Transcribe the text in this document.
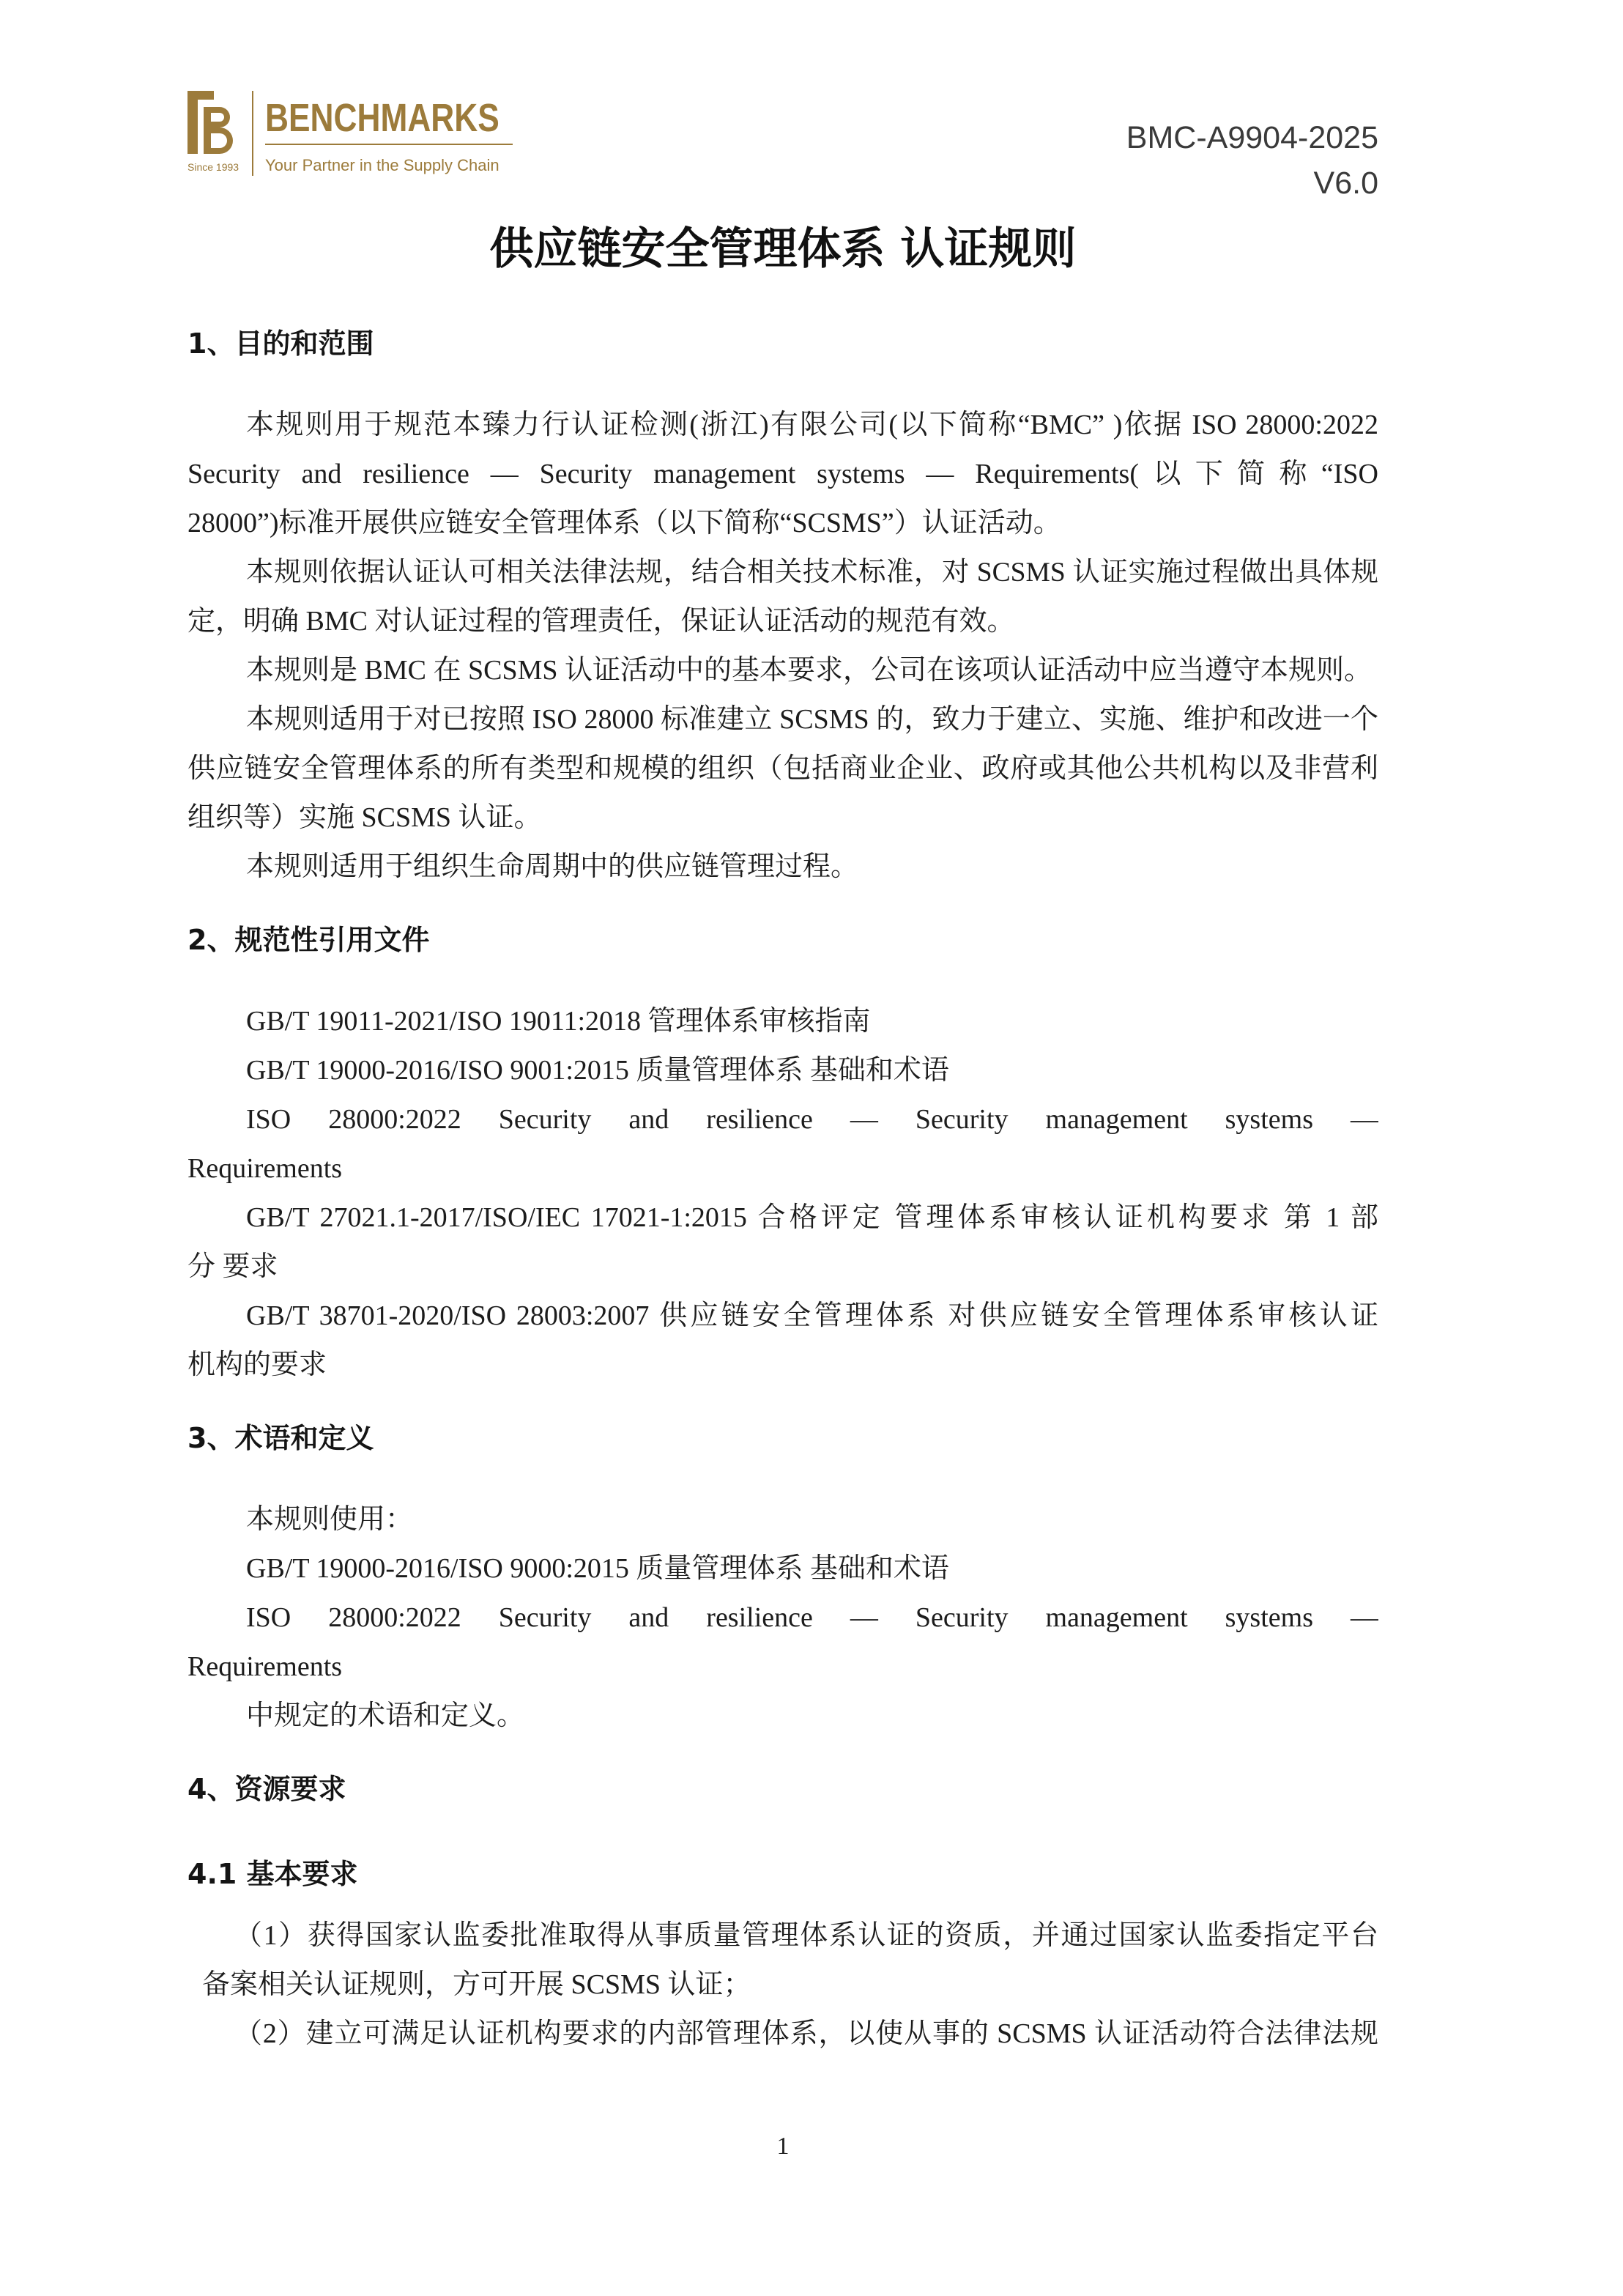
Since 1993
BENCHMARKS
Your Partner in the Supply Chain
BMC-A9904-2025
V6.0
供应链安全管理体系 认证规则
1、目的和范围
本规则用于规范本臻力行认证检测(浙江)有限公司(以下简称“BMC” )依据 ISO 28000:2022
Security and resilience — Security management systems — Requirements(以下简称“ISO
28000”)标准开展供应链安全管理体系（以下简称“SCSMS”）认证活动。
本规则依据认证认可相关法律法规，结合相关技术标准，对 SCSMS 认证实施过程做出具体规
定，明确 BMC 对认证过程的管理责任，保证认证活动的规范有效。
本规则是 BMC 在 SCSMS 认证活动中的基本要求，公司在该项认证活动中应当遵守本规则。
本规则适用于对已按照 ISO 28000 标准建立 SCSMS 的，致力于建立、实施、维护和改进一个
供应链安全管理体系的所有类型和规模的组织（包括商业企业、政府或其他公共机构以及非营利
组织等）实施 SCSMS 认证。
本规则适用于组织生命周期中的供应链管理过程。
2、规范性引用文件
GB/T 19011-2021/ISO 19011:2018 管理体系审核指南
GB/T 19000-2016/ISO 9001:2015 质量管理体系 基础和术语
ISO 28000:2022 Security and resilience — Security management systems —
Requirements
GB/T 27021.1-2017/ISO/IEC 17021-1:2015 合格评定 管理体系审核认证机构要求 第 1 部
分 要求
GB/T 38701-2020/ISO 28003:2007 供应链安全管理体系 对供应链安全管理体系审核认证
机构的要求
3、术语和定义
本规则使用：
GB/T 19000-2016/ISO 9000:2015 质量管理体系 基础和术语
ISO 28000:2022 Security and resilience — Security management systems —
Requirements
中规定的术语和定义。
4、资源要求
4.1 基本要求
（1）获得国家认监委批准取得从事质量管理体系认证的资质，并通过国家认监委指定平台
备案相关认证规则，方可开展 SCSMS 认证；
（2）建立可满足认证机构要求的内部管理体系，以使从事的 SCSMS 认证活动符合法律法规
1
